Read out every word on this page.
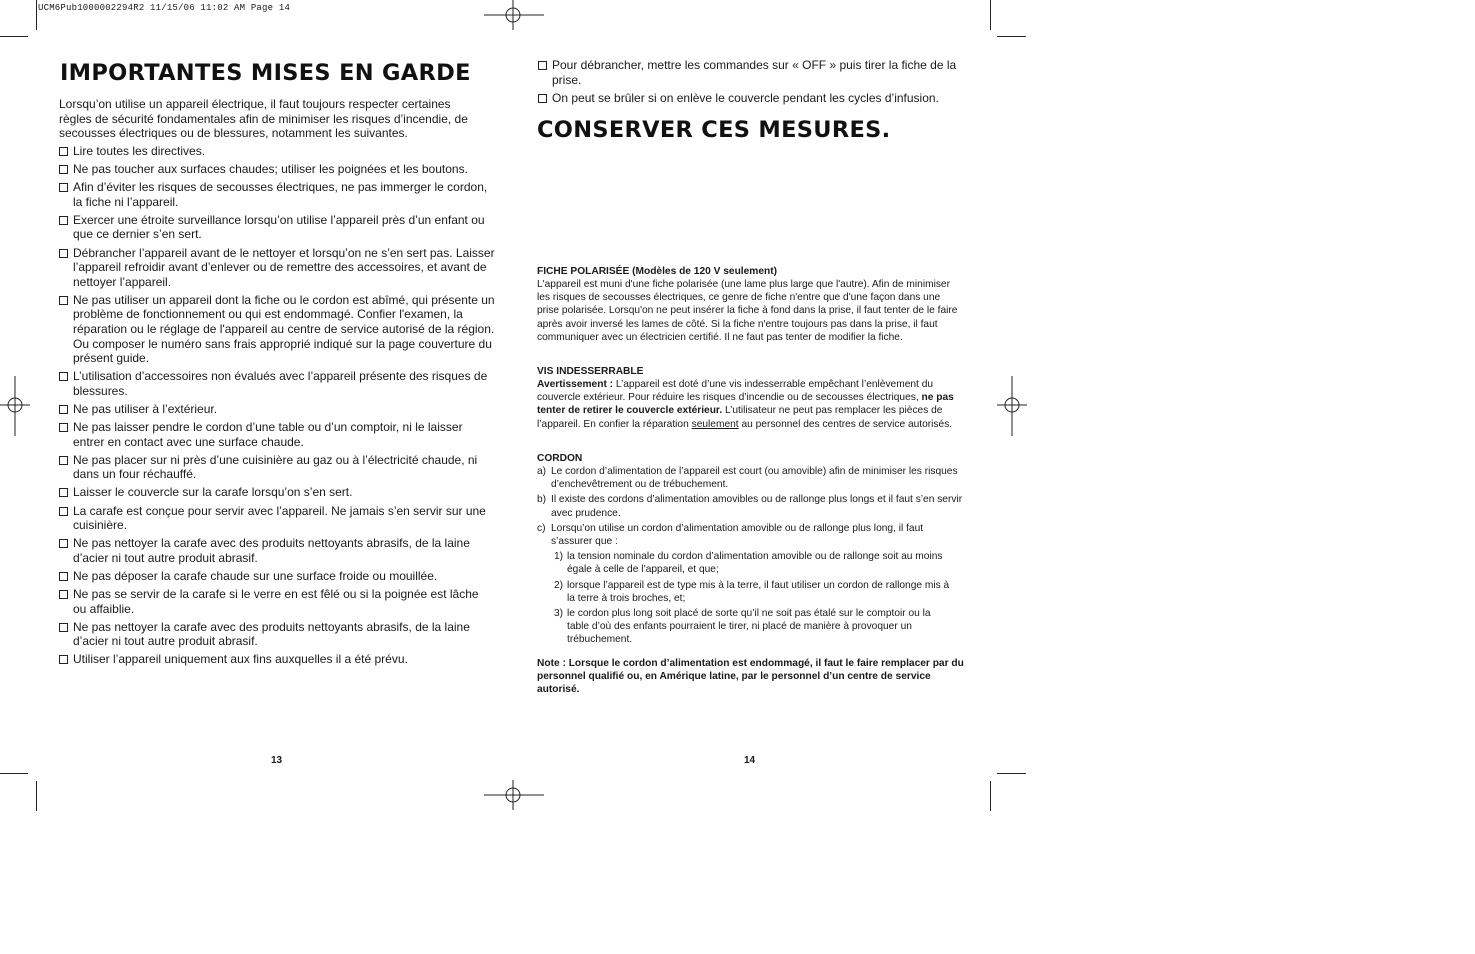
UCM6Pub1000002294R2 11/15/06 11:02 AM Page 14
IMPORTANTES MISES EN GARDE
Lorsqu’on utilise un appareil électrique, il faut toujours respecter certaines règles de sécurité fondamentales afin de minimiser les risques d’incendie, de secousses électriques ou de blessures, notamment les suivantes.
Lire toutes les directives.
Ne pas toucher aux surfaces chaudes; utiliser les poignées et les boutons.
Afin d’éviter les risques de secousses électriques, ne pas immerger le cordon, la fiche ni l’appareil.
Exercer une étroite surveillance lorsqu’on utilise l’appareil près d’un enfant ou que ce dernier s’en sert.
Débrancher l’appareil avant de le nettoyer et lorsqu’on ne s’en sert pas. Laisser l’appareil refroidir avant d’enlever ou de remettre des accessoires, et avant de nettoyer l’appareil.
Ne pas utiliser un appareil dont la fiche ou le cordon est abîmé, qui présente un problème de fonctionnement ou qui est endommagé. Confier l'examen, la réparation ou le réglage de l'appareil au centre de service autorisé de la région. Ou composer le numéro sans frais approprié indiqué sur la page couverture du présent guide.
L’utilisation d’accessoires non évalués avec l’appareil présente des risques de blessures.
Ne pas utiliser à l’extérieur.
Ne pas laisser pendre le cordon d’une table ou d’un comptoir, ni le laisser entrer en contact avec une surface chaude.
Ne pas placer sur ni près d’une cuisinière au gaz ou à l’électricité chaude, ni dans un four réchauffé.
Laisser le couvercle sur la carafe lorsqu’on s’en sert.
La carafe est conçue pour servir avec l’appareil. Ne jamais s’en servir sur une cuisinière.
Ne pas nettoyer la carafe avec des produits nettoyants abrasifs, de la laine d’acier ni tout autre produit abrasif.
Ne pas déposer la carafe chaude sur une surface froide ou mouillée.
Ne pas se servir de la carafe si le verre en est fêlé ou si la poignée est lâche ou affaiblie.
Ne pas nettoyer la carafe avec des produits nettoyants abrasifs, de la laine d’acier ni tout autre produit abrasif.
Utiliser l’appareil uniquement aux fins auxquelles il a été prévu.
13
Pour débrancher, mettre les commandes sur « OFF » puis tirer la fiche de la prise.
On peut se brûler si on enlève le couvercle pendant les cycles d’infusion.
CONSERVER CES MESURES.
FICHE POLARISÉE (Modèles de 120 V seulement)
L'appareil est muni d'une fiche polarisée (une lame plus large que l'autre). Afin de minimiser les risques de secousses électriques, ce genre de fiche n'entre que d'une façon dans une prise polarisée. Lorsqu'on ne peut insérer la fiche à fond dans la prise, il faut tenter de le faire après avoir inversé les lames de côté. Si la fiche n'entre toujours pas dans la prise, il faut communiquer avec un électricien certifié. Il ne faut pas tenter de modifier la fiche.
VIS INDESSERRABLE
Avertissement : L’appareil est doté d’une vis indesserrable empêchant l’enlèvement du couvercle extérieur. Pour réduire les risques d’incendie ou de secousses électriques, ne pas tenter de retirer le couvercle extérieur. L’utilisateur ne peut pas remplacer les pièces de l’appareil. En confier la réparation seulement au personnel des centres de service autorisés.
CORDON
a) Le cordon d’alimentation de l’appareil est court (ou amovible) afin de minimiser les risques d’enchevêtrement ou de trébuchement.
b) Il existe des cordons d’alimentation amovibles ou de rallonge plus longs et il faut s’en servir avec prudence.
c) Lorsqu’on utilise un cordon d’alimentation amovible ou de rallonge plus long, il faut s’assurer que :
1) la tension nominale du cordon d’alimentation amovible ou de rallonge soit au moins égale à celle de l’appareil, et que;
2) lorsque l’appareil est de type mis à la terre, il faut utiliser un cordon de rallonge mis à la terre à trois broches, et;
3) le cordon plus long soit placé de sorte qu’il ne soit pas étalé sur le comptoir ou la table d’où des enfants pourraient le tirer, ni placé de manière à provoquer un trébuchement.
Note : Lorsque le cordon d’alimentation est endommagé, il faut le faire remplacer par du personnel qualifié ou, en Amérique latine, par le personnel d’un centre de service autorisé.
14
